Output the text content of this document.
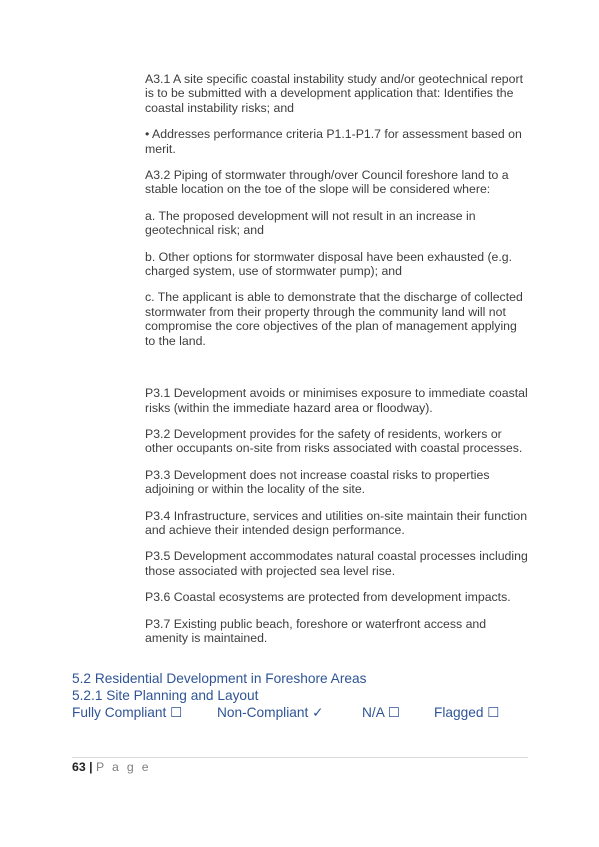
A3.1 A site specific coastal instability study and/or geotechnical report is to be submitted with a development application that: Identifies the coastal instability risks; and

• Addresses performance criteria P1.1-P1.7 for assessment based on merit.

A3.2 Piping of stormwater through/over Council foreshore land to a stable location on the toe of the slope will be considered where:

a. The proposed development will not result in an increase in geotechnical risk; and

b. Other options for stormwater disposal have been exhausted (e.g. charged system, use of stormwater pump); and

c. The applicant is able to demonstrate that the discharge of collected stormwater from their property through the community land will not compromise the core objectives of the plan of management applying to the land.

P3.1 Development avoids or minimises exposure to immediate coastal risks (within the immediate hazard area or floodway).

P3.2 Development provides for the safety of residents, workers or other occupants on-site from risks associated with coastal processes.

P3.3 Development does not increase coastal risks to properties adjoining or within the locality of the site.

P3.4 Infrastructure, services and utilities on-site maintain their function and achieve their intended design performance.

P3.5 Development accommodates natural coastal processes including those associated with projected sea level rise.

P3.6 Coastal ecosystems are protected from development impacts.

P3.7 Existing public beach, foreshore or waterfront access and amenity is maintained.

5.2 Residential Development in Foreshore Areas
5.2.1 Site Planning and Layout
Fully Compliant ☐	Non-Compliant ✓	N/A ☐ Flagged ☐
63 | P a g e
